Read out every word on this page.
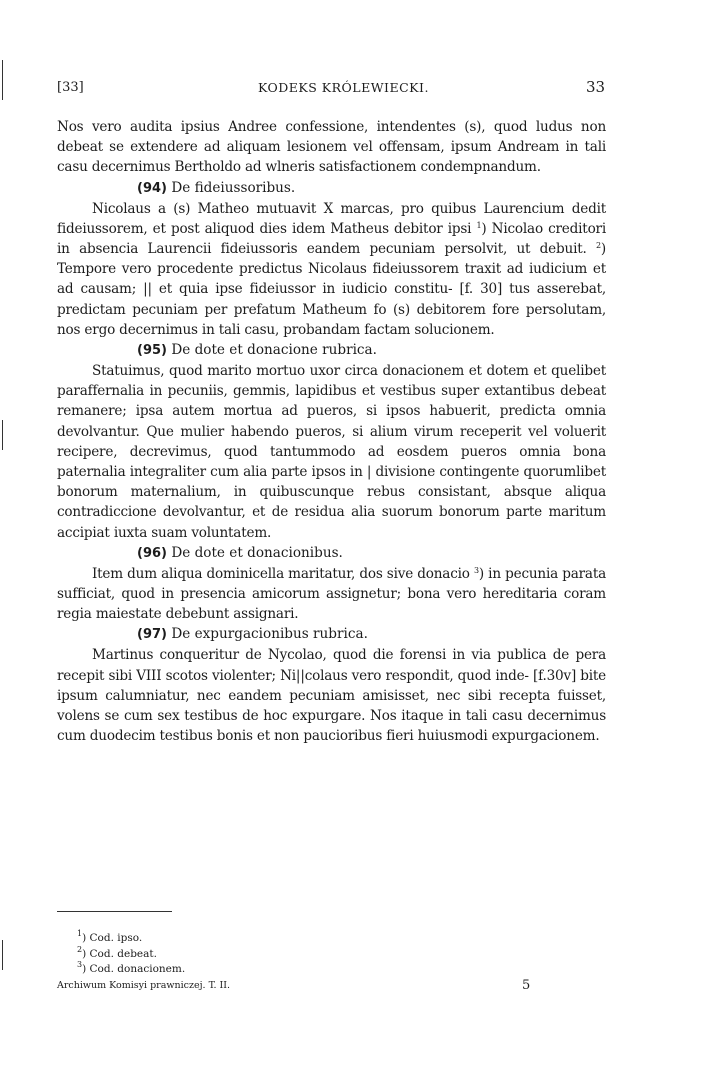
[33]	KODEKS KRÓLEWIECKI.	33

Nos vero audita ipsius Andree confessione, intendentes (s), quod ludus non debeat se extendere ad aliquam lesionem vel offensam, ipsum Andream in tali casu decernimus Bertholdo ad wlneris satisfactionem condempnandum.

(94) De fideiussoribus.

Nicolaus a (s) Matheo mutuavit X marcas, pro quibus Laurencium dedit fideiussorem, et post aliquod dies idem Matheus debitor ipsi $^1$) Nicolao creditori in absencia Laurencii fideiussoris eandem pecuniam persolvit, ut debuit. $^2$) Tempore vero procedente predictus Nicolaus fideiussorem traxit ad iudicium et ad causam; || et quia ipse fideiussor in iudicio constitu- [f. 30] tus asserebat, predictam pecuniam per prefatum Matheum fo (s) debitorem fore persolutam, nos ergo decernimus in tali casu, probandam factam solucionem.

(95) De dote et donacione rubrica.

Statuimus, quod marito mortuo uxor circa donacionem et dotem et quelibet paraffernalia in pecuniis, gemmis, lapidibus et vestibus super extantibus debeat remanere; ipsa autem mortua ad pueros, si ipsos habuerit, predicta omnia devolvantur. Que mulier habendo pueros, si alium virum receperit vel voluerit recipere, decrevimus, quod tantummodo ad eosdem pueros omnia bona paternalia integraliter cum alia parte ipsos in | divisione contingente quorumlibet bonorum maternalium, in quibuscunque rebus consistant, absque aliqua contradiccione devolvantur, et de residua alia suorum bonorum parte maritum accipiat iuxta suam voluntatem.

(96) De dote et donacionibus.

Item dum aliqua dominicella maritatur, dos sive donacio $^3$) in pecunia parata sufficiat, quod in presencia amicorum assignetur; bona vero hereditaria coram regia maiestate debebunt assignari.

(97) De expurgacionibus rubrica.

Martinus conqueritur de Nycolao, quod die forensi in via publica de pera recepit sibi VIII scotos violenter; Ni||colaus vero respondit, quod inde- [f.30v] bite ipsum calumniatur, nec eandem pecuniam amisisset, nec sibi recepta fuisset, volens se cum sex testibus de hoc expurgare. Nos itaque in tali casu decernimus cum duodecim testibus bonis et non paucioribus fieri huiusmodi expurgacionem.

$^1$) Cod. ipso.
$^2$) Cod. debeat.
$^3$) Cod. donacionem.
Archiwum Komisyi prawniczej. T. II.	5
